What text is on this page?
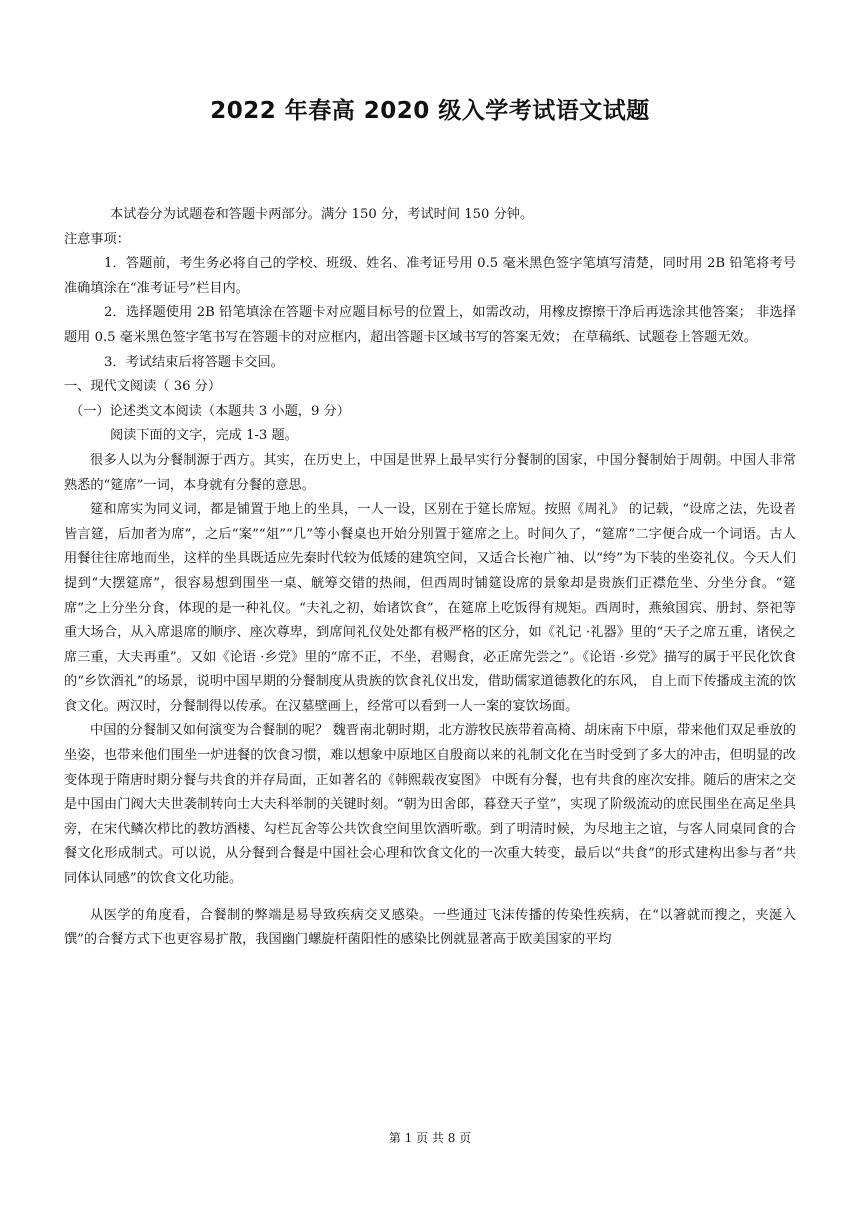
2022 年春高 2020 级入学考试语文试题

本试卷分为试题卷和答题卡两部分。满分 150 分，考试时间 150 分钟。

注意事项：

1．答题前，考生务必将自己的学校、班级、姓名、准考证号用 0.5 毫米黑色签字笔填写清楚，同时用 2B 铅笔将考号准确填涂在“准考证号”栏目内。

2．选择题使用 2B 铅笔填涂在答题卡对应题目标号的位置上，如需改动，用橡皮擦擦干净后再选涂其他答案； 非选择题用 0.5 毫米黑色签字笔书写在答题卡的对应框内，超出答题卡区域书写的答案无效； 在草稿纸、试题卷上答题无效。

3．考试结束后将答题卡交回。

一、现代文阅读（ 36 分）

（一）论述类文本阅读（本题共 3 小题，9 分）

阅读下面的文字，完成 1-3 题。

很多人以为分餐制源于西方。其实，在历史上，中国是世界上最早实行分餐制的国家，中国分餐制始于周朝。中国人非常熟悉的“筵席”一词，本身就有分餐的意思。

筵和席实为同义词，都是铺置于地上的坐具，一人一设，区别在于筵长席短。按照《周礼》 的记载，“设席之法，先设者皆言筵，后加者为席”，之后“案”“俎”“几”等小餐桌也开始分别置于筵席之上。时间久了，“筵席”二字便合成一个词语。古人用餐往往席地而坐，这样的坐具既适应先秦时代较为低矮的建筑空间，又适合长袍广袖、以“绔”为下装的坐姿礼仪。今天人们提到“大摆筵席”，很容易想到围坐一桌、觥筹交错的热闹，但西周时铺筵设席的景象却是贵族们正襟危坐、分坐分食。“筵席”之上分坐分食，体现的是一种礼仪。“夫礼之初，始诸饮食”，在筵席上吃饭得有规矩。西周时，燕飨国宾、册封、祭祀等重大场合，从入席退席的顺序、座次尊卑，到席间礼仪处处都有极严格的区分，如《礼记 ·礼器》里的“天子之席五重，诸侯之席三重，大夫再重”。又如《论语 ·乡党》里的“席不正，不坐，君赐食，必正席先尝之”。《论语 ·乡党》描写的属于平民化饮食的“乡饮酒礼”的场景，说明中国早期的分餐制度从贵族的饮食礼仪出发，借助儒家道德教化的东风， 自上而下传播成主流的饮食文化。两汉时，分餐制得以传承。在汉墓壁画上，经常可以看到一人一案的宴饮场面。

中国的分餐制又如何演变为合餐制的呢？ 魏晋南北朝时期，北方游牧民族带着高椅、胡床南下中原，带来他们双足垂放的坐姿，也带来他们围坐一炉进餐的饮食习惯，难以想象中原地区自殷商以来的礼制文化在当时受到了多大的冲击，但明显的改变体现于隋唐时期分餐与共食的并存局面，正如著名的《韩熙载夜宴图》 中既有分餐，也有共食的座次安排。随后的唐宋之交是中国由门阀大夫世袭制转向士大夫科举制的关键时刻。“朝为田舍郎，暮登天子堂”，实现了阶级流动的庶民围坐在高足坐具旁，在宋代鳞次栉比的教坊酒楼、勾栏瓦舍等公共饮食空间里饮酒听歌。到了明清时候，为尽地主之谊，与客人同桌同食的合餐文化形成制式。可以说，从分餐到合餐是中国社会心理和饮食文化的一次重大转变，最后以“共食”的形式建构出参与者“共同体认同感”的饮食文化功能。

从医学的角度看，合餐制的弊端是易导致疾病交叉感染。一些通过飞沫传播的传染性疾病，在“以箸就而搜之，夹涎入馔”的合餐方式下也更容易扩散，我国幽门螺旋杆菌阳性的感染比例就显著高于欧美国家的平均

第 1 页 共 8 页
